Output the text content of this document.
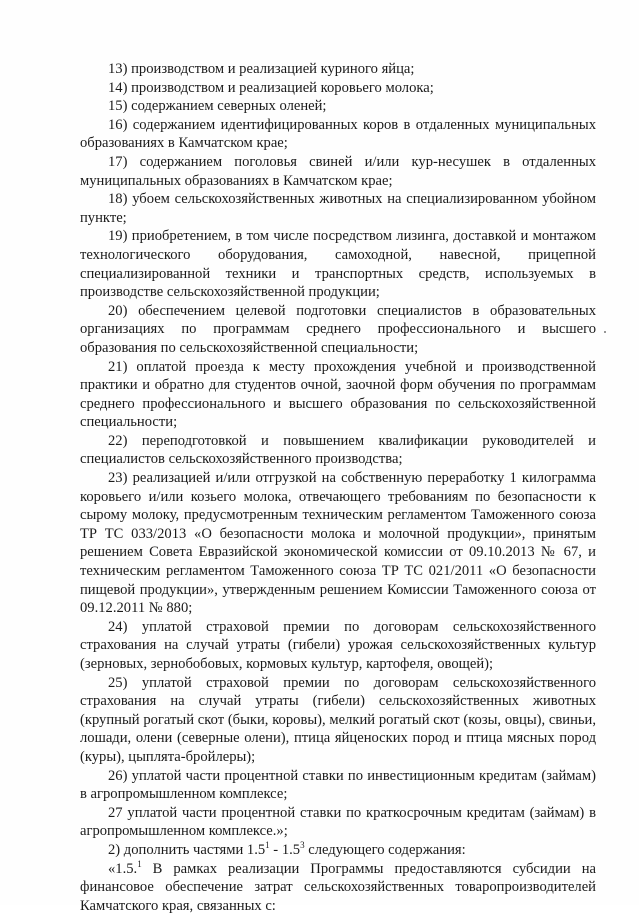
13) производством и реализацией куриного яйца;

14) производством и реализацией коровьего молока;

15) содержанием северных оленей;

16) содержанием идентифицированных коров в отдаленных муниципальных образованиях в Камчатском крае;

17) содержанием поголовья свиней и/или кур-несушек в отдаленных муниципальных образованиях в Камчатском крае;

18) убоем сельскохозяйственных животных на специализированном убойном пункте;

19) приобретением, в том числе посредством лизинга, доставкой и монтажом технологического оборудования, самоходной, навесной, прицепной специализированной техники и транспортных средств, используемых в производстве сельскохозяйственной продукции;

20) обеспечением целевой подготовки специалистов в образовательных организациях по программам среднего профессионального и высшего образования по сельскохозяйственной специальности;

21) оплатой проезда к месту прохождения учебной и производственной практики и обратно для студентов очной, заочной форм обучения по программам среднего профессионального и высшего образования по сельскохозяйственной специальности;

22) переподготовкой и повышением квалификации руководителей и специалистов сельскохозяйственного производства;

23) реализацией и/или отгрузкой на собственную переработку 1 килограмма коровьего и/или козьего молока, отвечающего требованиям по безопасности к сырому молоку, предусмотренным техническим регламентом Таможенного союза ТР ТС 033/2013 «О безопасности молока и молочной продукции», принятым решением Совета Евразийской экономической комиссии от 09.10.2013 № 67, и техническим регламентом Таможенного союза ТР ТС 021/2011 «О безопасности пищевой продукции», утвержденным решением Комиссии Таможенного союза от 09.12.2011 № 880;

24) уплатой страховой премии по договорам сельскохозяйственного страхования на случай утраты (гибели) урожая сельскохозяйственных культур (зерновых, зернобобовых, кормовых культур, картофеля, овощей);

25) уплатой страховой премии по договорам сельскохозяйственного страхования на случай утраты (гибели) сельскохозяйственных животных (крупный рогатый скот (быки, коровы), мелкий рогатый скот (козы, овцы), свиньи, лошади, олени (северные олени), птица яйценоских пород и птица мясных пород (куры), цыплята-бройлеры);

26) уплатой части процентной ставки по инвестиционным кредитам (займам) в агропромышленном комплексе;

27 уплатой части процентной ставки по краткосрочным кредитам (займам) в агропромышленном комплексе.»;

2) дополнить частями $1.5^1 - 1.5^3$ следующего содержания:

«1.5.$^1$ В рамках реализации Программы предоставляются субсидии на финансовое обеспечение затрат сельскохозяйственных товаропроизводителей Камчатского края, связанных с:
